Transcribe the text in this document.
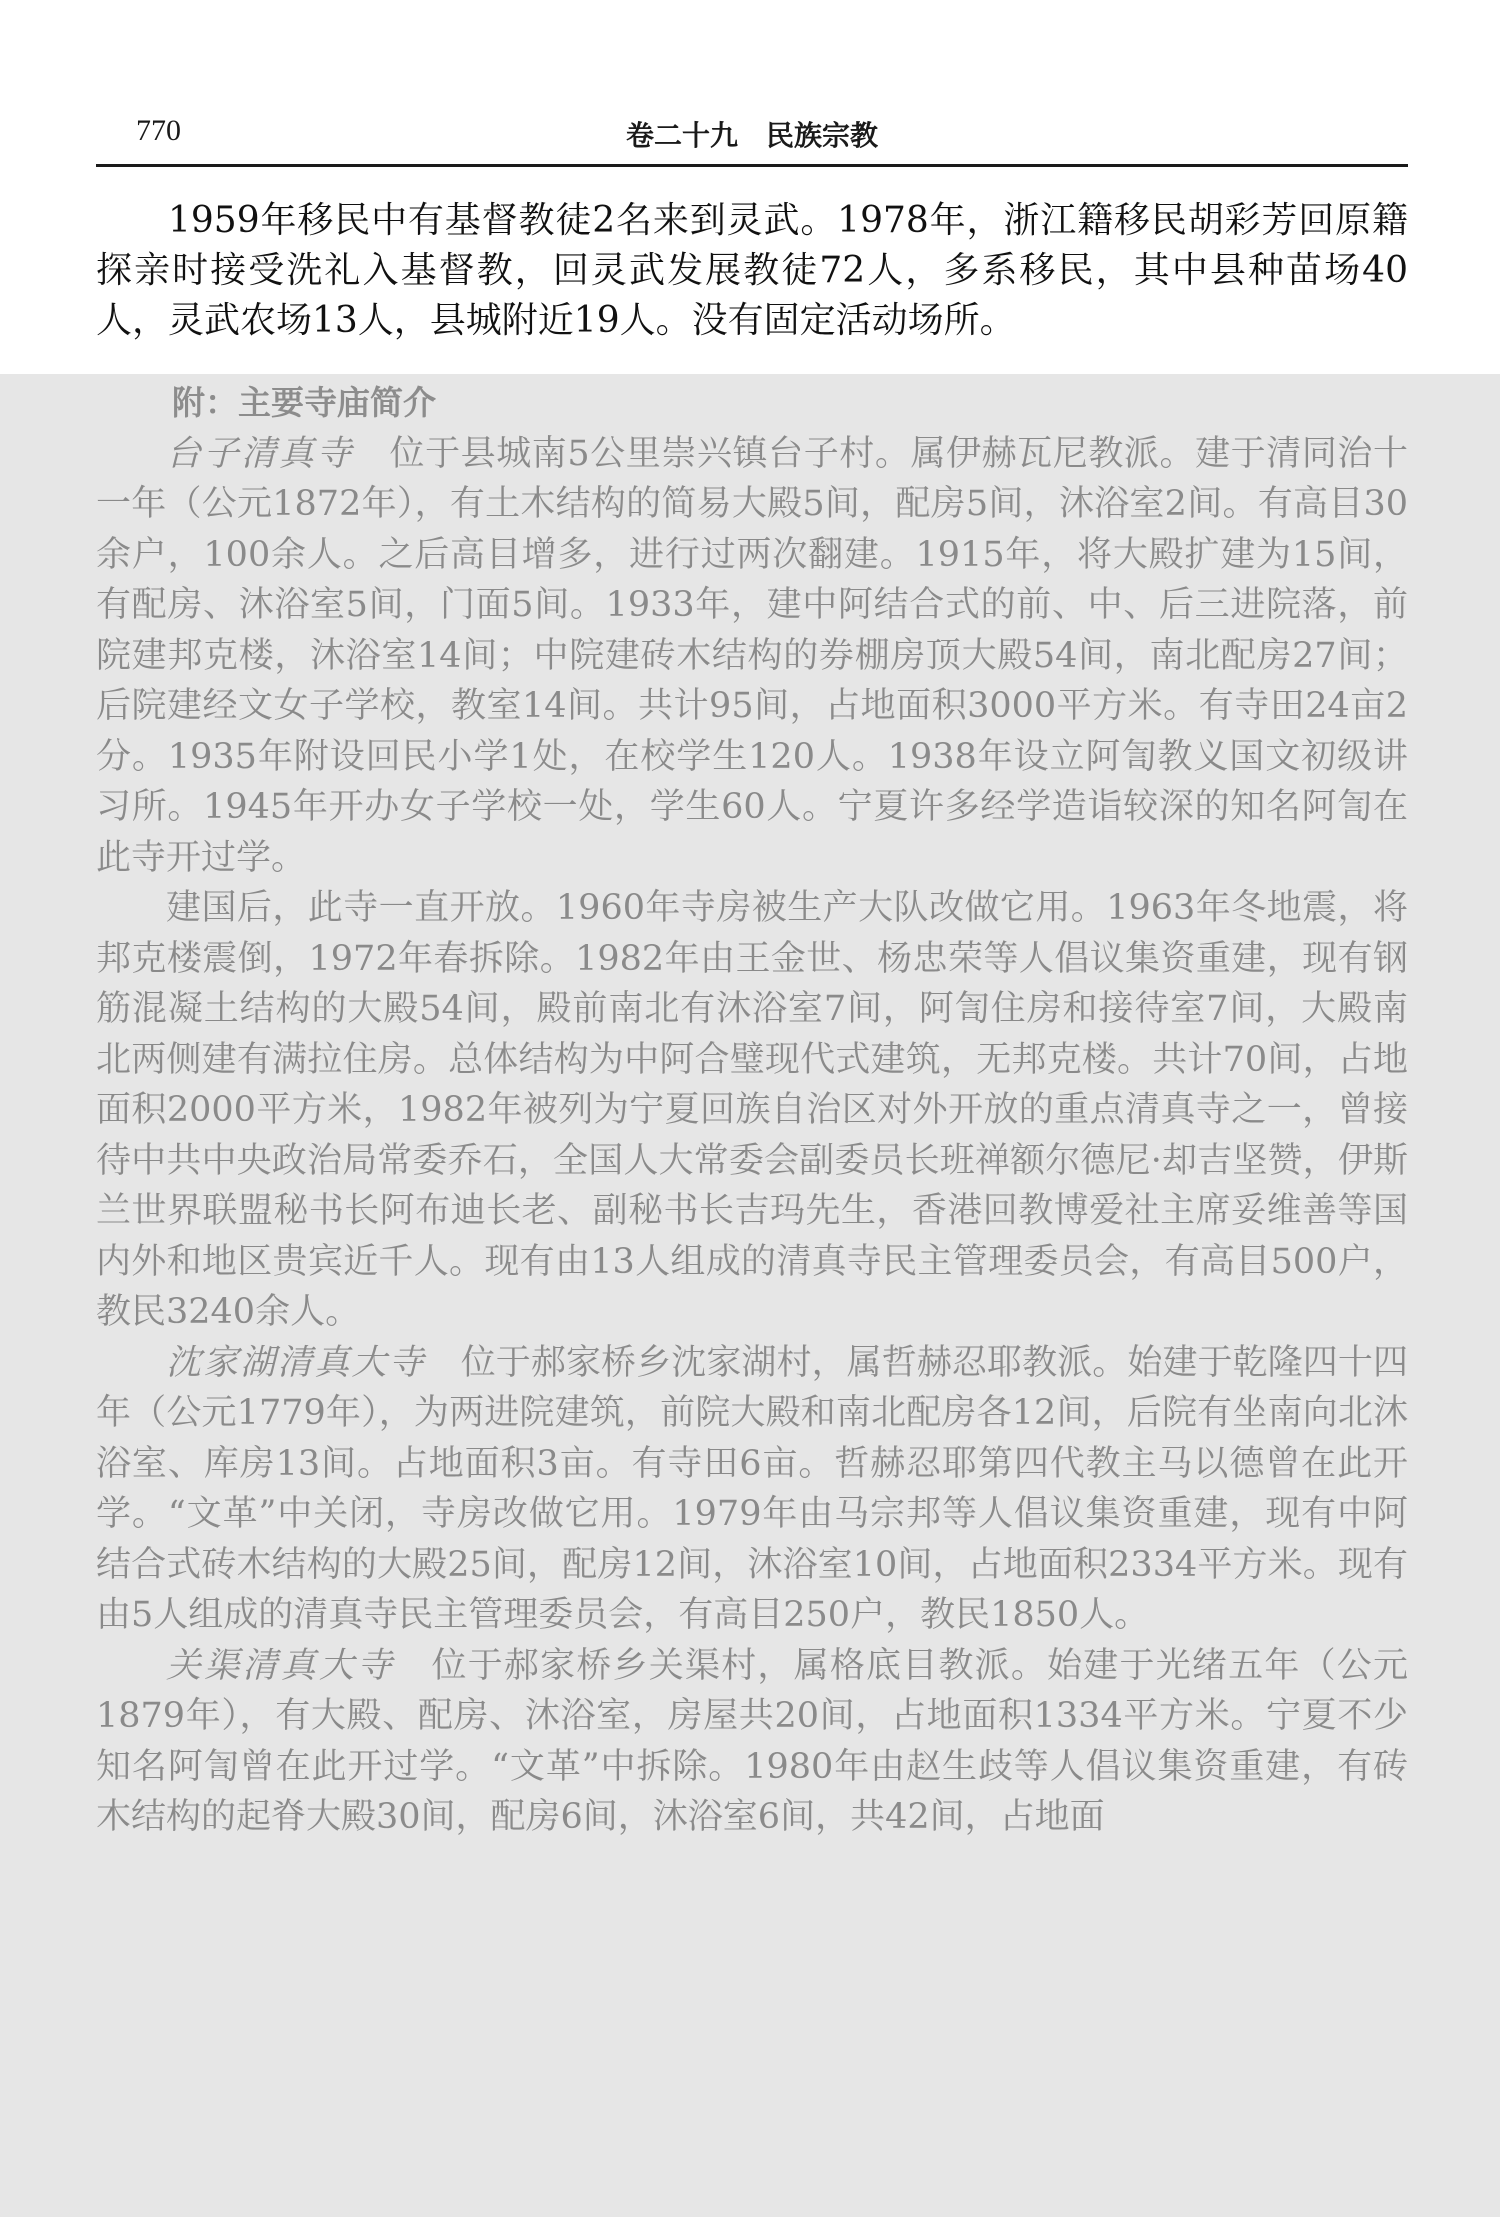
770	卷二十九　民族宗教

1959年移民中有基督教徒2名来到灵武。1978年，浙江籍移民胡彩芳回原籍探亲时接受洗礼入基督教，回灵武发展教徒72人，多系移民，其中县种苗场40人，灵武农场13人，县城附近19人。没有固定活动场所。

附：主要寺庙简介

台子清真寺　位于县城南5公里崇兴镇台子村。属伊赫瓦尼教派。建于清同治十一年（公元1872年），有土木结构的简易大殿5间，配房5间，沐浴室2间。有高目30余户，100余人。之后高目增多，进行过两次翻建。1915年，将大殿扩建为15间，有配房、沐浴室5间，门面5间。1933年，建中阿结合式的前、中、后三进院落，前院建邦克楼，沐浴室14间；中院建砖木结构的券棚房顶大殿54间，南北配房27间；后院建经文女子学校，教室14间。共计95间，占地面积3000平方米。有寺田24亩2分。1935年附设回民小学1处，在校学生120人。1938年设立阿訇教义国文初级讲习所。1945年开办女子学校一处，学生60人。宁夏许多经学造诣较深的知名阿訇在此寺开过学。

建国后，此寺一直开放。1960年寺房被生产大队改做它用。1963年冬地震，将邦克楼震倒，1972年春拆除。1982年由王金世、杨忠荣等人倡议集资重建，现有钢筋混凝土结构的大殿54间，殿前南北有沐浴室7间，阿訇住房和接待室7间，大殿南北两侧建有满拉住房。总体结构为中阿合璧现代式建筑，无邦克楼。共计70间，占地面积2000平方米，1982年被列为宁夏回族自治区对外开放的重点清真寺之一，曾接待中共中央政治局常委乔石，全国人大常委会副委员长班禅额尔德尼·却吉坚赞，伊斯兰世界联盟秘书长阿布迪长老、副秘书长吉玛先生，香港回教博爱社主席妥维善等国内外和地区贵宾近千人。现有由13人组成的清真寺民主管理委员会，有高目500户，教民3240余人。

沈家湖清真大寺　位于郝家桥乡沈家湖村，属哲赫忍耶教派。始建于乾隆四十四年（公元1779年），为两进院建筑，前院大殿和南北配房各12间，后院有坐南向北沐浴室、库房13间。占地面积3亩。有寺田6亩。哲赫忍耶第四代教主马以德曾在此开学。“文革”中关闭，寺房改做它用。1979年由马宗邦等人倡议集资重建，现有中阿结合式砖木结构的大殿25间，配房12间，沐浴室10间，占地面积2334平方米。现有由5人组成的清真寺民主管理委员会，有高目250户，教民1850人。

关渠清真大寺　位于郝家桥乡关渠村，属格底目教派。始建于光绪五年（公元1879年），有大殿、配房、沐浴室，房屋共20间，占地面积1334平方米。宁夏不少知名阿訇曾在此开过学。“文革”中拆除。1980年由赵生歧等人倡议集资重建，有砖木结构的起脊大殿30间，配房6间，沐浴室6间，共42间，占地面
